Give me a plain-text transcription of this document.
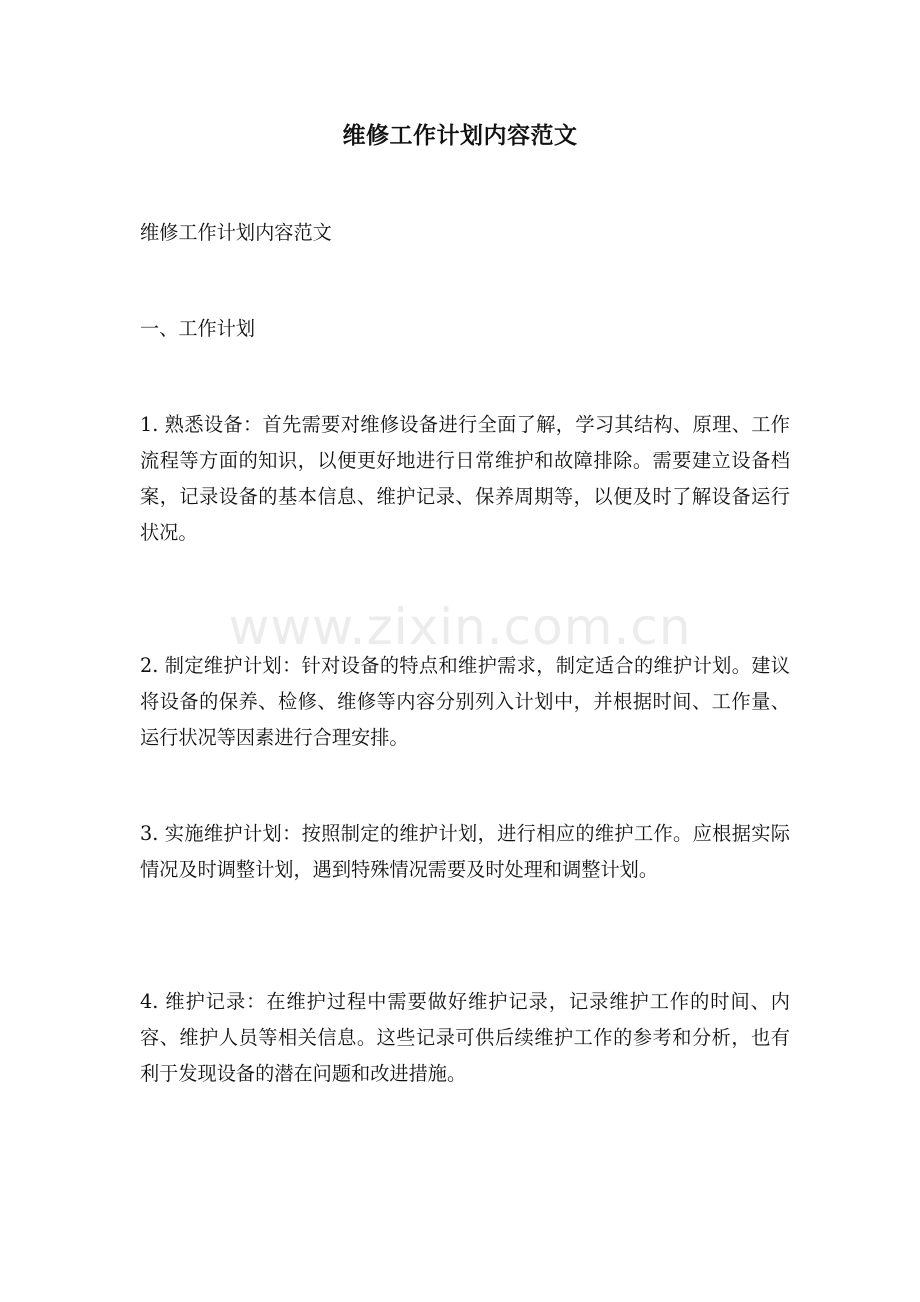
维修工作计划内容范文

维修工作计划内容范文

一、工作计划

1. 熟悉设备：首先需要对维修设备进行全面了解，学习其结构、原理、工作流程等方面的知识，以便更好地进行日常维护和故障排除。需要建立设备档案，记录设备的基本信息、维护记录、保养周期等，以便及时了解设备运行状况。

2. 制定维护计划：针对设备的特点和维护需求，制定适合的维护计划。建议将设备的保养、检修、维修等内容分别列入计划中，并根据时间、工作量、运行状况等因素进行合理安排。

3. 实施维护计划：按照制定的维护计划，进行相应的维护工作。应根据实际情况及时调整计划，遇到特殊情况需要及时处理和调整计划。

4. 维护记录：在维护过程中需要做好维护记录，记录维护工作的时间、内容、维护人员等相关信息。这些记录可供后续维护工作的参考和分析，也有利于发现设备的潜在问题和改进措施。

www.zixin.com.cn
